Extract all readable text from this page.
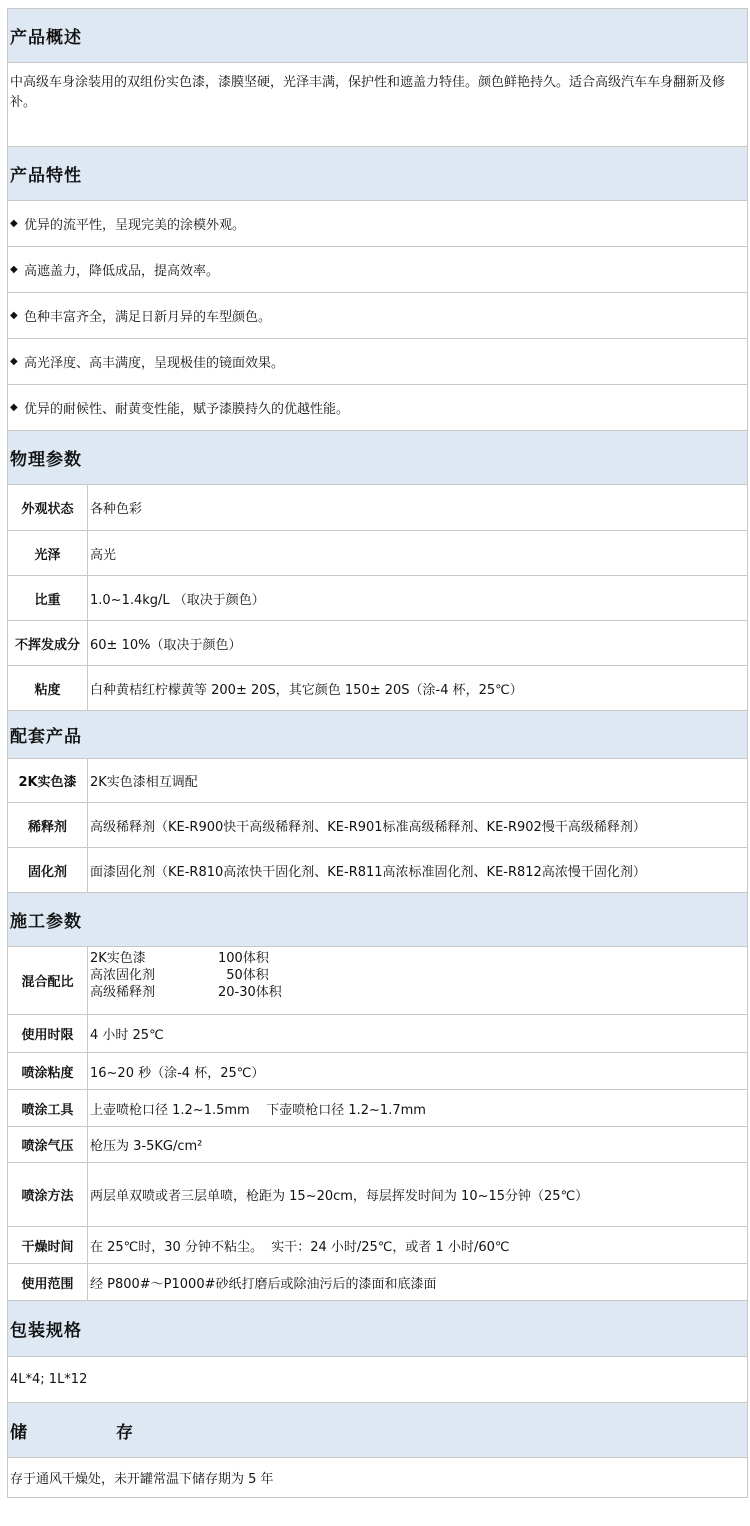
产品概述
中高级车身涂装用的双组份实色漆，漆膜坚硬，光泽丰满，保护性和遮盖力特佳。颜色鲜艳持久。适合高级汽车车身翻新及修补。
产品特性
◆ 优异的流平性，呈现完美的涂模外观。
◆ 高遮盖力，降低成品，提高效率。
◆ 色种丰富齐全，满足日新月异的车型颜色。
◆ 高光泽度、高丰满度，呈现极佳的镜面效果。
◆ 优异的耐候性、耐黄变性能，赋予漆膜持久的优越性能。
物理参数
外观状态	各种色彩
光泽	高光
比重	1.0~1.4kg/L （取决于颜色）
不挥发成分 60± 10%（取决于颜色）
粘度	白种黄桔红柠檬黄等 200± 20S，其它颜色 150± 20S（涂-4 杯，25℃）
配套产品
2K实色漆	2K实色漆相互调配
稀释剂	高级稀释剂（KE-R900快干高级稀释剂、KE-R901标准高级稀释剂、KE-R902慢干高级稀释剂）
固化剂	面漆固化剂（KE-R810高浓快干固化剂、KE-R811高浓标准固化剂、KE-R812高浓慢干固化剂）
施工参数
混合配比
2K实色漆	100体积
高浓固化剂	50体积
高级稀释剂	20-30体积
使用时限	4 小时 25℃
喷涂粘度	16~20 秒（涂-4 杯，25℃）
喷涂工具	上壶喷枪口径 1.2~1.5mm    下壶喷枪口径 1.2~1.7mm
喷涂气压	枪压为 3-5KG/cm²
喷涂方法	两层单双喷或者三层单喷，枪距为 15~20cm，每层挥发时间为 10~15分钟（25℃）
干燥时间	在 25℃时，30 分钟不粘尘。  实干：24 小时/25℃，或者 1 小时/60℃
使用范围	经 P800#～P1000#砂纸打磨后或除油污后的漆面和底漆面
包装规格
4L*4; 1L*12
储	存
存于通风干燥处，未开罐常温下储存期为 5 年
